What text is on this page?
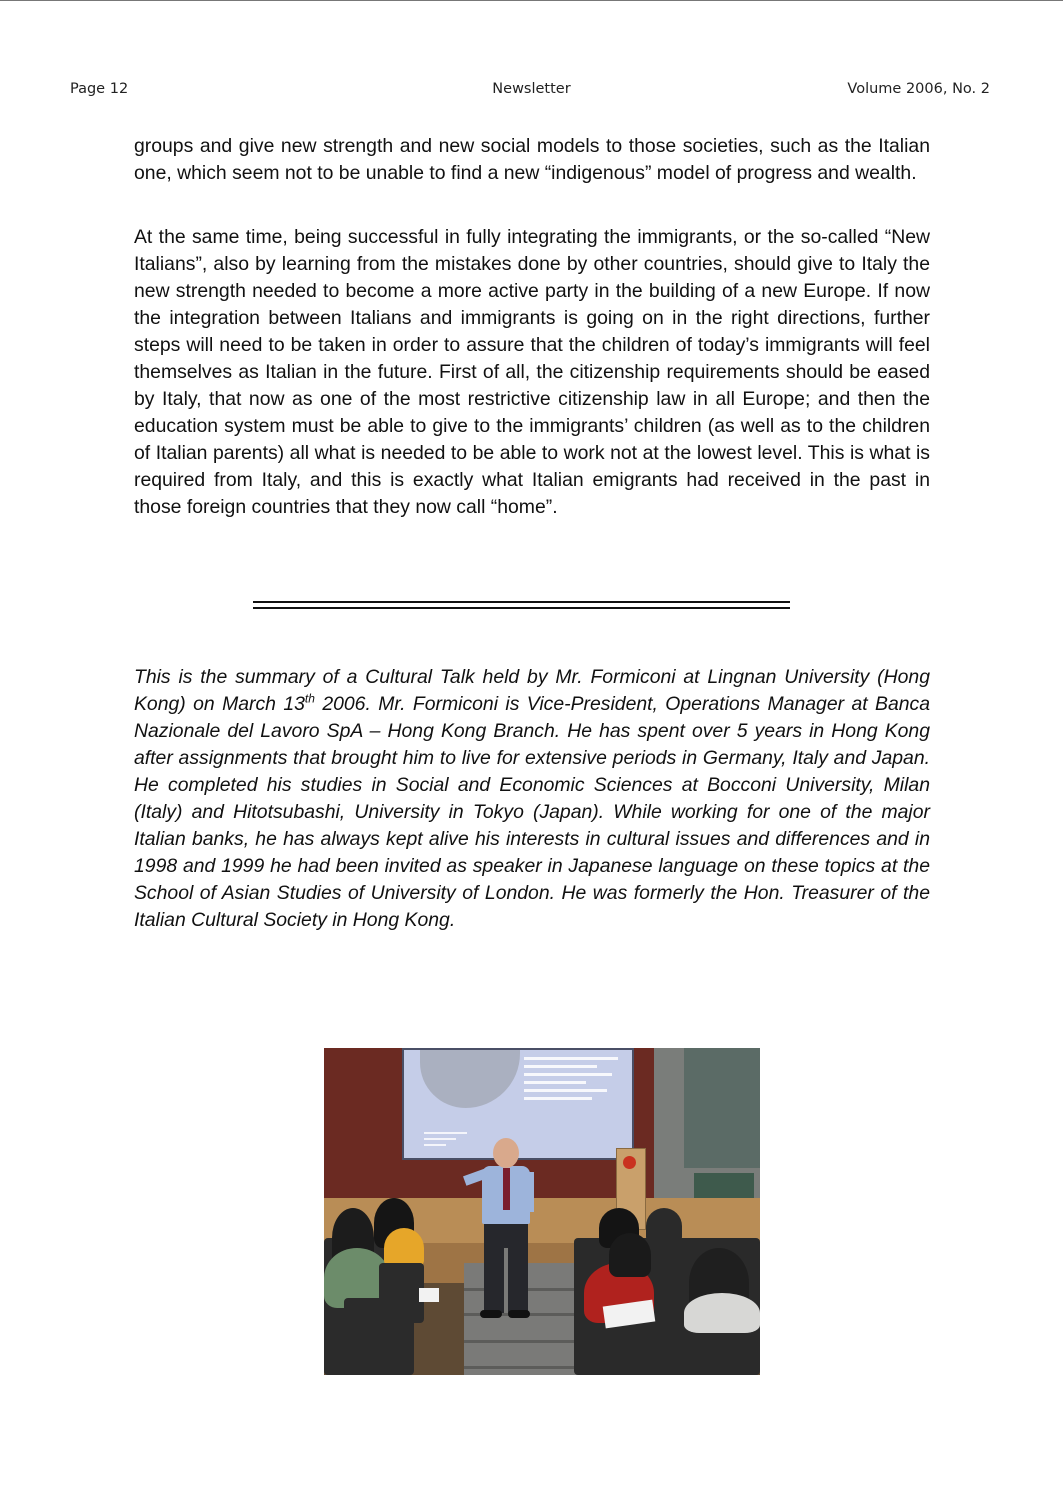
Page 12	Newsletter	Volume 2006, No. 2

groups and give new strength and new social models to those societies, such as the Italian one, which seem not to be unable to find a new “indigenous” model of progress and wealth.

At the same time, being successful in fully integrating the immigrants, or the so-called “New Italians”, also by learning from the mistakes done by other countries, should give to Italy the new strength needed to become a more active party in the building of a new Europe. If now the integration between Italians and immigrants is going on in the right directions, further steps will need to be taken in order to assure that the children of today’s immigrants will feel themselves as Italian in the future. First of all, the citizenship requirements should be eased by Italy, that now as one of the most restrictive citizenship law in all Europe; and then the education system must be able to give to the immigrants’ children (as well as to the children of Italian parents) all what is needed to be able to work not at the lowest level. This is what is required from Italy, and this is exactly what Italian emigrants had received in the past in those foreign countries that they now call “home”.

This is the summary of a Cultural Talk held by Mr. Formiconi at Lingnan University (Hong Kong) on March 13th 2006. Mr. Formiconi is Vice-President, Operations Manager at Banca Nazionale del Lavoro SpA – Hong Kong Branch. He has spent over 5 years in Hong Kong after assignments that brought him to live for extensive periods in Germany, Italy and Japan. He completed his studies in Social and Economic Sciences at Bocconi University, Milan (Italy) and Hitotsubashi, University in Tokyo (Japan). While working for one of the major Italian banks, he has always kept alive his interests in cultural issues and differences and in 1998 and 1999 he had been invited as speaker in Japanese language on these topics at the School of Asian Studies of University of London. He was formerly the Hon. Treasurer of the Italian Cultural Society in Hong Kong.
